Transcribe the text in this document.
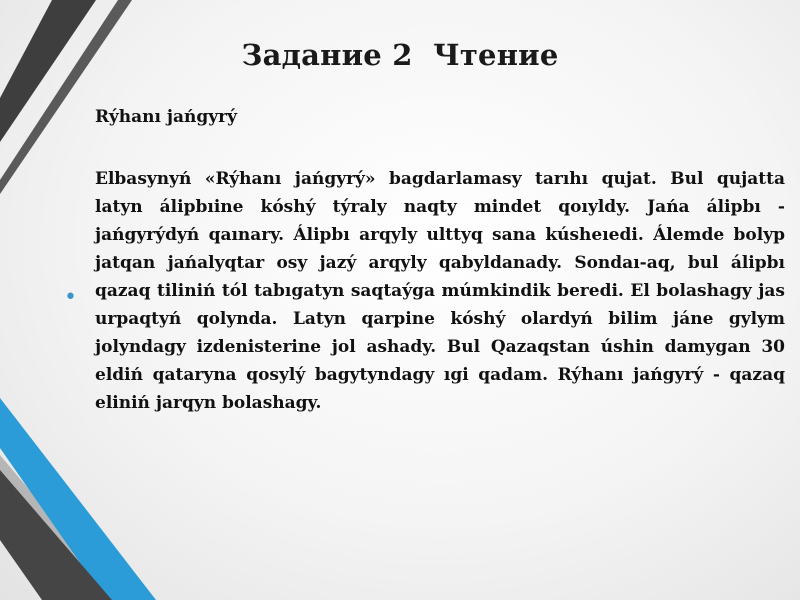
Задание 2  Чтение
•
Rýhanı jańgyrý
Elbasynyń «Rýhanı jańgyrý» bagdarlamasy tarıhı qujat. Bul qujatta latyn álipbıine kóshý týraly naqty mindet qoıyldy. Jańa álipbı - jańgyrýdyń qaınary. Álipbı arqyly ulttyq sana kúsheıedi. Álemde bolyp jatqan jańalyqtar osy jazý arqyly qabyldanady. Sondaı-aq, bul álipbı qazaq tiliniń tól tabıgatyn saqtaýga múmkindik beredi. El bolashagy jas urpaqtyń qolynda. Latyn qarpine kóshý olardyń bilim jáne gylym jolyndagy izdenisterine jol ashady. Bul Qazaqstan úshin damygan 30 eldiń qataryna qosylý bagytyndagy ıgi qadam. Rýhanı jańgyrý - qazaq eliniń jarqyn bolashagy.
